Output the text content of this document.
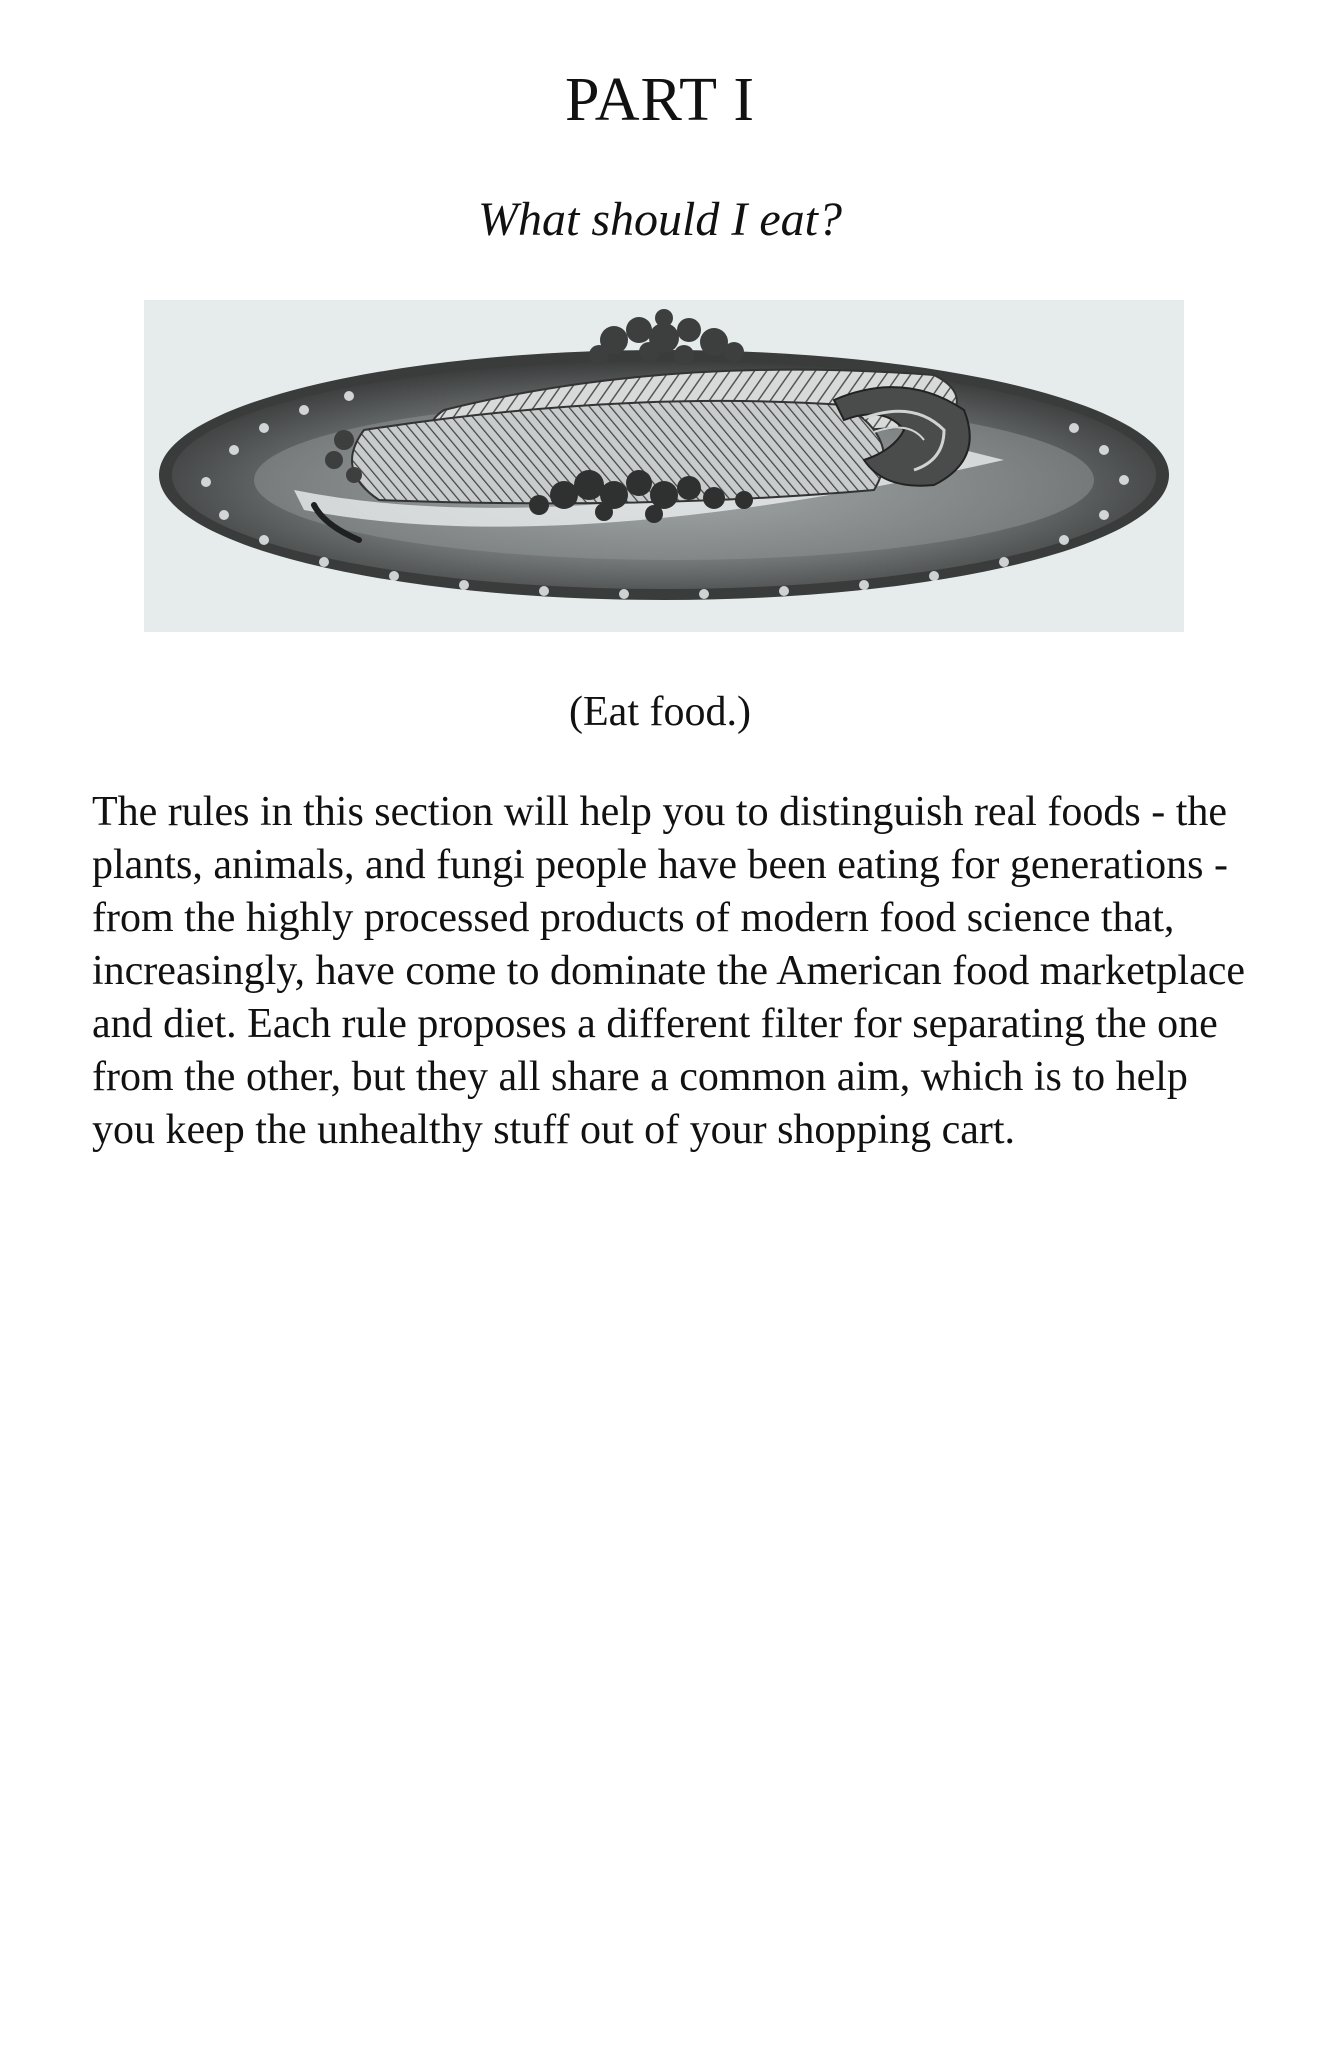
PART I
What should I eat?
(Eat food.)

The rules in this section will help you to distinguish real foods - the plants, animals, and fungi people have been eating for generations - from the highly processed products of modern food science that, increasingly, have come to dominate the American food marketplace and diet. Each rule proposes a different filter for separating the one from the other, but they all share a common aim, which is to help you keep the unhealthy stuff out of your shopping cart.
